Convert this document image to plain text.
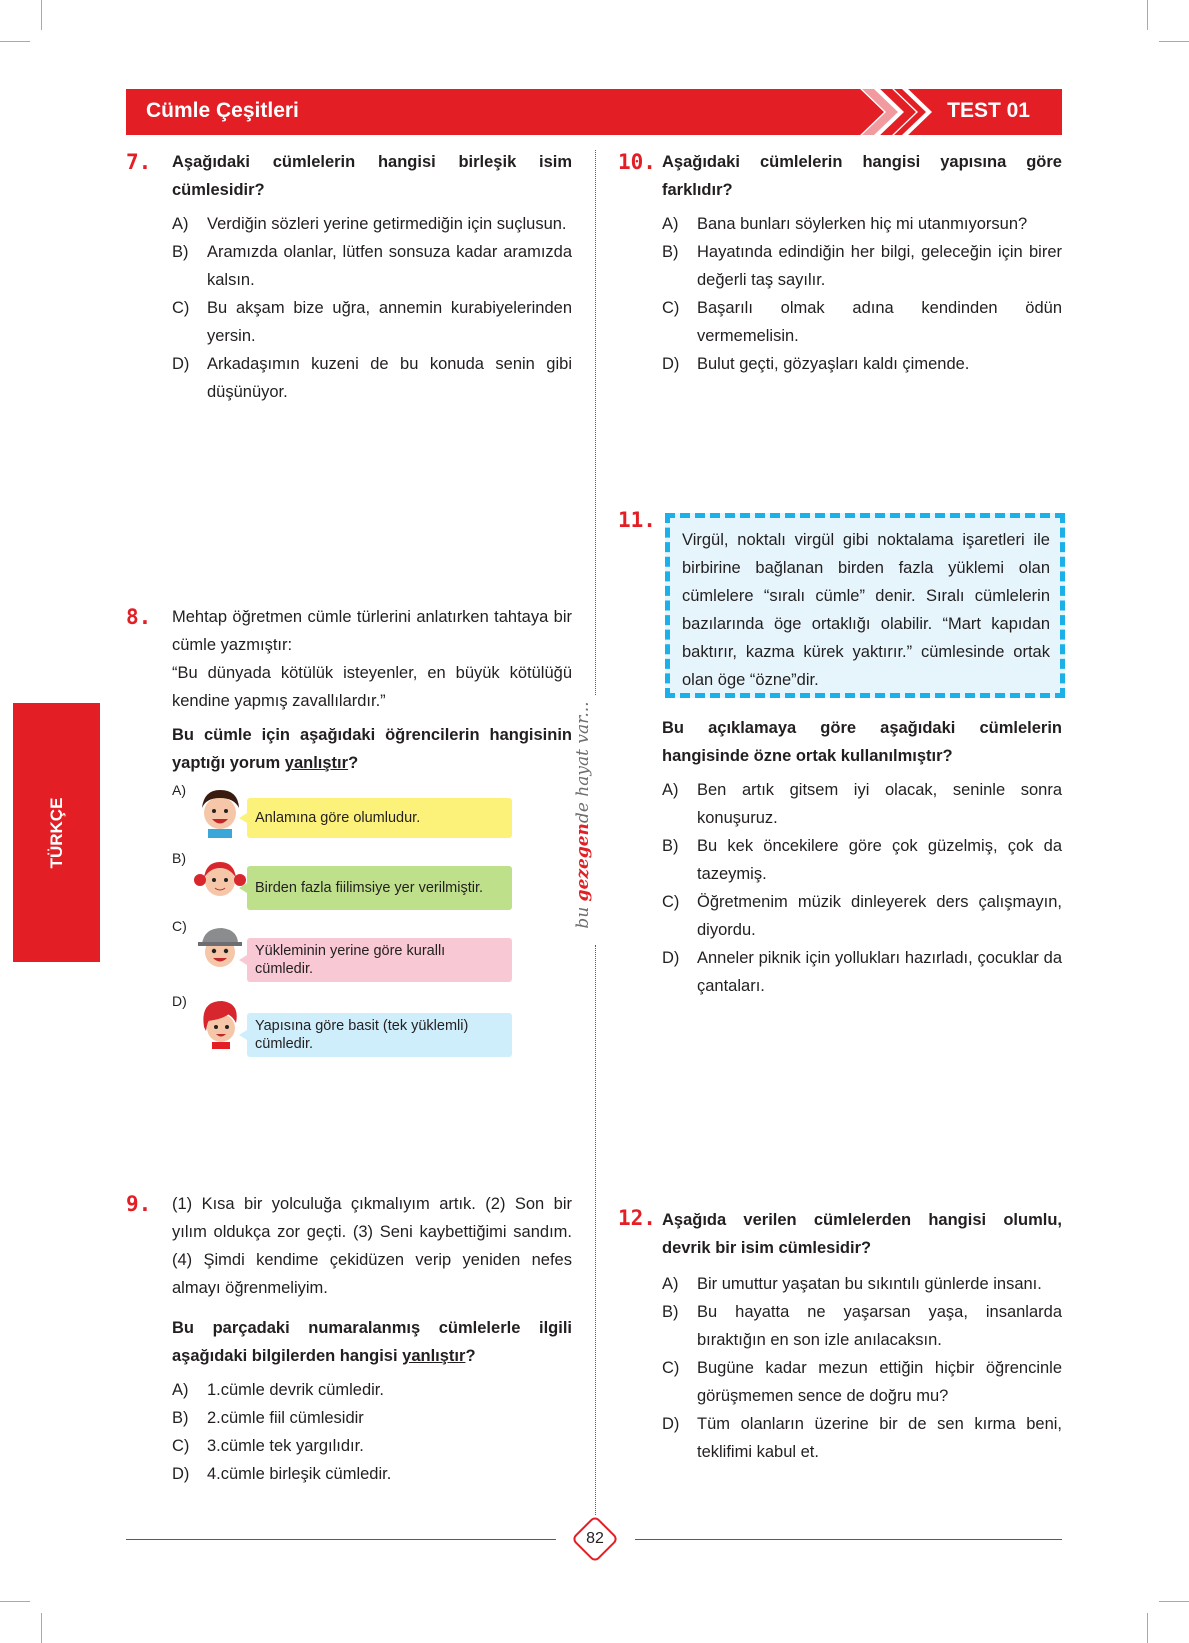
Cümle Çeşitleri	TEST 01
TÜRKÇE
bu gezegende hayat var...
7. Aşağıdaki cümlelerin hangisi birleşik isim cümlesidir?
A) Verdiğin sözleri yerine getirmediğin için suçlusun.
B) Aramızda olanlar, lütfen sonsuza kadar aramızda kalsın.
C) Bu akşam bize uğra, annemin kurabiyelerinden yersin.
D) Arkadaşımın kuzeni de bu konuda senin gibi düşünüyor.
8. Mehtap öğretmen cümle türlerini anlatırken tahtaya bir cümle yazmıştır:
“Bu dünyada kötülük isteyenler, en büyük kötülüğü kendine yapmış zavallılardır.”
Bu cümle için aşağıdaki öğrencilerin hangisinin yaptığı yorum yanlıştır?
A)
Anlamına göre olumludur.
B)
Birden fazla fiilimsiye yer verilmiştir.
C)
Yükleminin yerine göre kurallı cümledir.
D)
Yapısına göre basit (tek yüklemli) cümledir.
9. (1) Kısa bir yolculuğa çıkmalıyım artık. (2) Son bir yılım oldukça zor geçti. (3) Seni kaybettiğimi sandım. (4) Şimdi kendime çekidüzen verip yeniden nefes almayı öğrenmeliyim.
Bu parçadaki numaralanmış cümlelerle ilgili aşağıdaki bilgilerden hangisi yanlıştır?
A) 1.cümle devrik cümledir.
B) 2.cümle fiil cümlesidir
C) 3.cümle tek yargılıdır.
D) 4.cümle birleşik cümledir.
10. Aşağıdaki cümlelerin hangisi yapısına göre farklıdır?
A) Bana bunları söylerken hiç mi utanmıyorsun?
B) Hayatında edindiğin her bilgi, geleceğin için birer değerli taş sayılır.
C) Başarılı olmak adına kendinden ödün vermemelisin.
D) Bulut geçti, gözyaşları kaldı çimende.
11.
Virgül, noktalı virgül gibi noktalama işaretleri ile birbirine bağlanan birden fazla yüklemi olan cümlelere “sıralı cümle” denir. Sıralı cümlelerin bazılarında öge ortaklığı olabilir. “Mart kapıdan baktırır, kazma kürek yaktırır.” cümlesinde ortak olan öge “özne”dir.
Bu açıklamaya göre aşağıdaki cümlelerin hangisinde özne ortak kullanılmıştır?
A) Ben artık gitsem iyi olacak, seninle sonra konuşuruz.
B) Bu kek öncekilere göre çok güzelmiş, çok da tazeymiş.
C) Öğretmenim müzik dinleyerek ders çalışmayın, diyordu.
D) Anneler piknik için yollukları hazırladı, çocuklar da çantaları.
12. Aşağıda verilen cümlelerden hangisi olumlu, devrik bir isim cümlesidir?
A) Bir umuttur yaşatan bu sıkıntılı günlerde insanı.
B) Bu hayatta ne yaşarsan yaşa, insanlarda bıraktığın en son izle anılacaksın.
C) Bugüne kadar mezun ettiğin hiçbir öğrencinle görüşmemen sence de doğru mu?
D) Tüm olanların üzerine bir de sen kırma beni, teklifimi kabul et.
82
